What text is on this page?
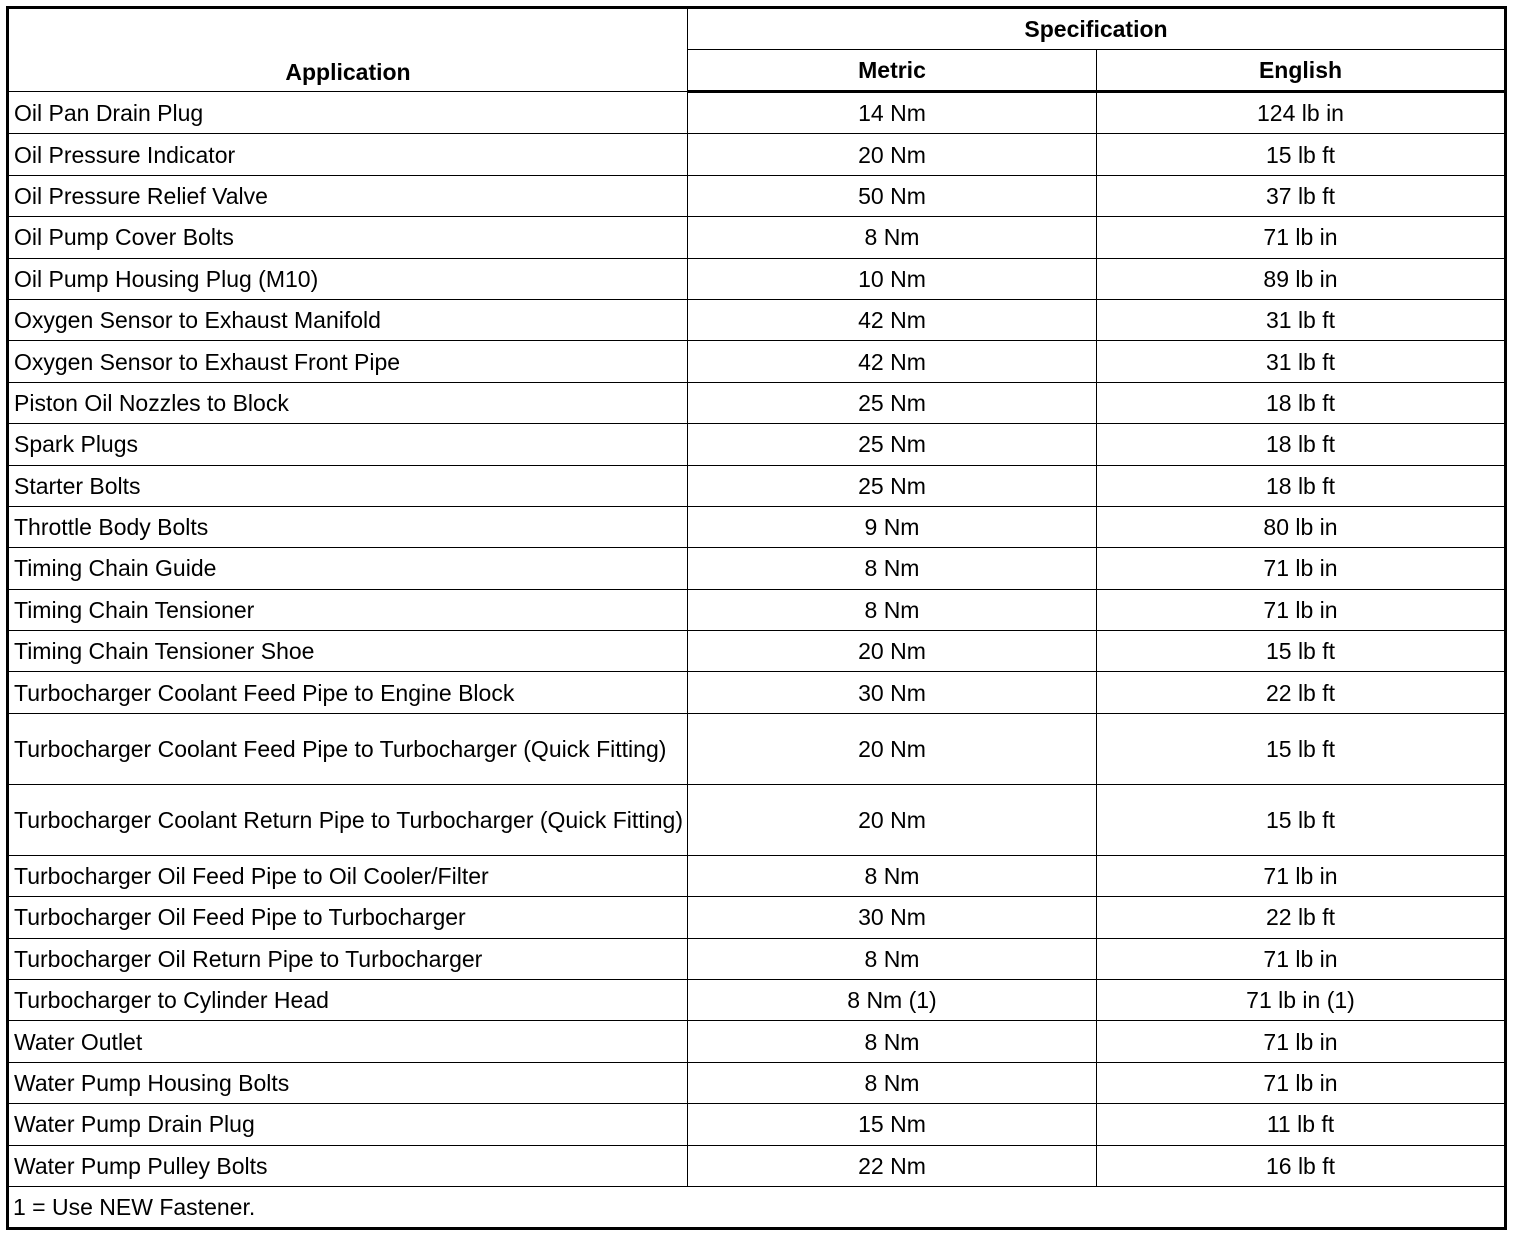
Application	Specification	
	Metric	English
Oil Pan Drain Plug	14 Nm	124 lb in
Oil Pressure Indicator	20 Nm	15 lb ft
Oil Pressure Relief Valve	50 Nm	37 lb ft
Oil Pump Cover Bolts	8 Nm	71 lb in
Oil Pump Housing Plug (M10)	10 Nm	89 lb in
Oxygen Sensor to Exhaust Manifold	42 Nm	31 lb ft
Oxygen Sensor to Exhaust Front Pipe	42 Nm	31 lb ft
Piston Oil Nozzles to Block	25 Nm	18 lb ft
Spark Plugs	25 Nm	18 lb ft
Starter Bolts	25 Nm	18 lb ft
Throttle Body Bolts	9 Nm	80 lb in
Timing Chain Guide	8 Nm	71 lb in
Timing Chain Tensioner	8 Nm	71 lb in
Timing Chain Tensioner Shoe	20 Nm	15 lb ft
Turbocharger Coolant Feed Pipe to Engine Block	30 Nm	22 lb ft
Turbocharger Coolant Feed Pipe to Turbocharger (Quick Fitting)	20 Nm	15 lb ft
Turbocharger Coolant Return Pipe to Turbocharger (Quick Fitting)	20 Nm	15 lb ft
Turbocharger Oil Feed Pipe to Oil Cooler/Filter	8 Nm	71 lb in
Turbocharger Oil Feed Pipe to Turbocharger	30 Nm	22 lb ft
Turbocharger Oil Return Pipe to Turbocharger	8 Nm	71 lb in
Turbocharger to Cylinder Head	8 Nm (1)	71 lb in (1)
Water Outlet	8 Nm	71 lb in
Water Pump Housing Bolts	8 Nm	71 lb in
Water Pump Drain Plug	15 Nm	11 lb ft
Water Pump Pulley Bolts	22 Nm	16 lb ft
1 = Use NEW Fastener.		
